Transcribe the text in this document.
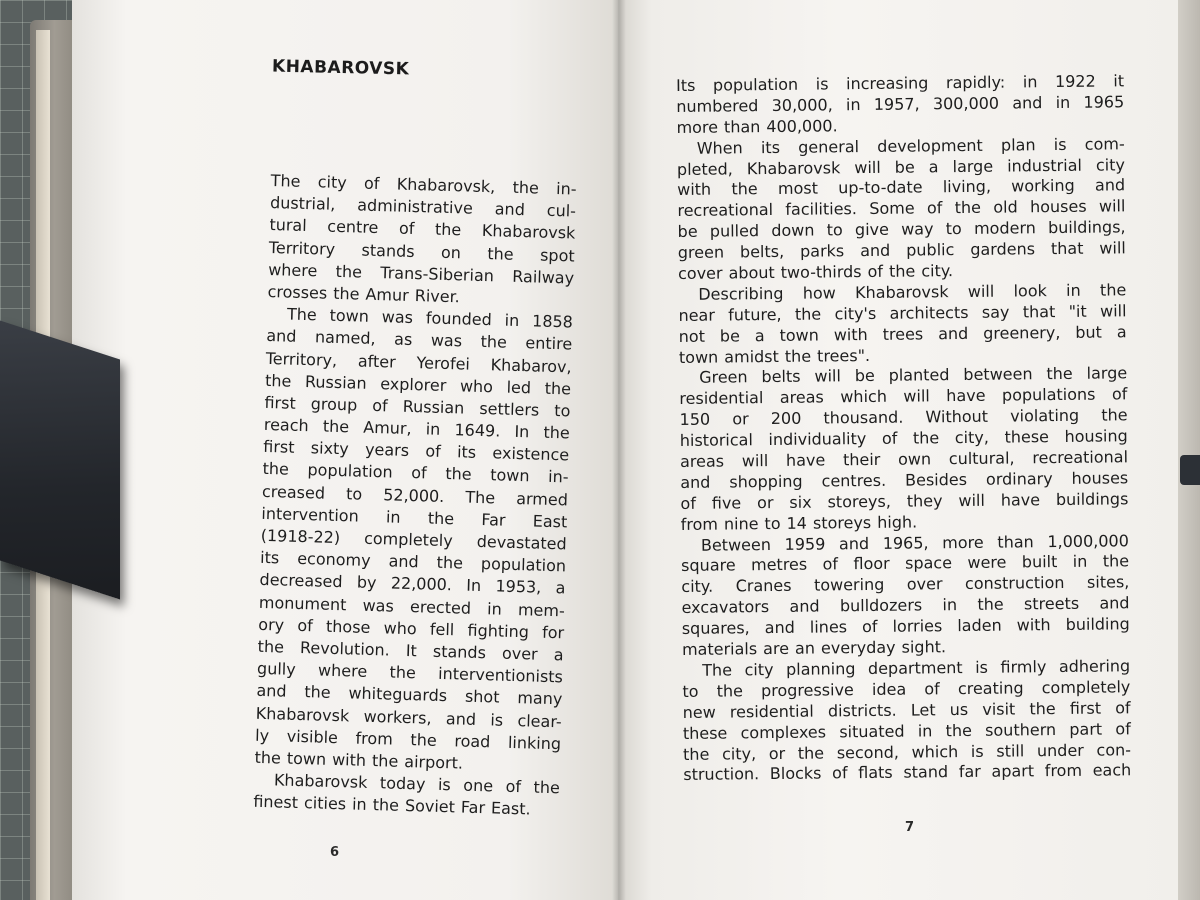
KHABAROVSK
The city of Khabarovsk, the in-
dustrial, administrative and cul-
tural centre of the Khabarovsk
Territory stands on the spot
where the Trans-Siberian Railway
crosses the Amur River.
The town was founded in 1858
and named, as was the entire
Territory, after Yerofei Khabarov,
the Russian explorer who led the
first group of Russian settlers to
reach the Amur, in 1649. In the
first sixty years of its existence
the population of the town in-
creased to 52,000. The armed
intervention in the Far East
(1918-22) completely devastated
its economy and the population
decreased by 22,000. In 1953, a
monument was erected in mem-
ory of those who fell fighting for
the Revolution. It stands over a
gully where the interventionists
and the whiteguards shot many
Khabarovsk workers, and is clear-
ly visible from the road linking
the town with the airport.
Khabarovsk today is one of the
finest cities in the Soviet Far East.
Its population is increasing rapidly: in 1922 it
numbered 30,000, in 1957, 300,000 and in 1965
more than 400,000.
When its general development plan is com-
pleted, Khabarovsk will be a large industrial city
with the most up-to-date living, working and
recreational facilities. Some of the old houses will
be pulled down to give way to modern buildings,
green belts, parks and public gardens that will
cover about two-thirds of the city.
Describing how Khabarovsk will look in the
near future, the city's architects say that "it will
not be a town with trees and greenery, but a
town amidst the trees".
Green belts will be planted between the large
residential areas which will have populations of
150 or 200 thousand. Without violating the
historical individuality of the city, these housing
areas will have their own cultural, recreational
and shopping centres. Besides ordinary houses
of five or six storeys, they will have buildings
from nine to 14 storeys high.
Between 1959 and 1965, more than 1,000,000
square metres of floor space were built in the
city. Cranes towering over construction sites,
excavators and bulldozers in the streets and
squares, and lines of lorries laden with building
materials are an everyday sight.
The city planning department is firmly adhering
to the progressive idea of creating completely
new residential districts. Let us visit the first of
these complexes situated in the southern part of
the city, or the second, which is still under con-
struction. Blocks of flats stand far apart from each
6
7
